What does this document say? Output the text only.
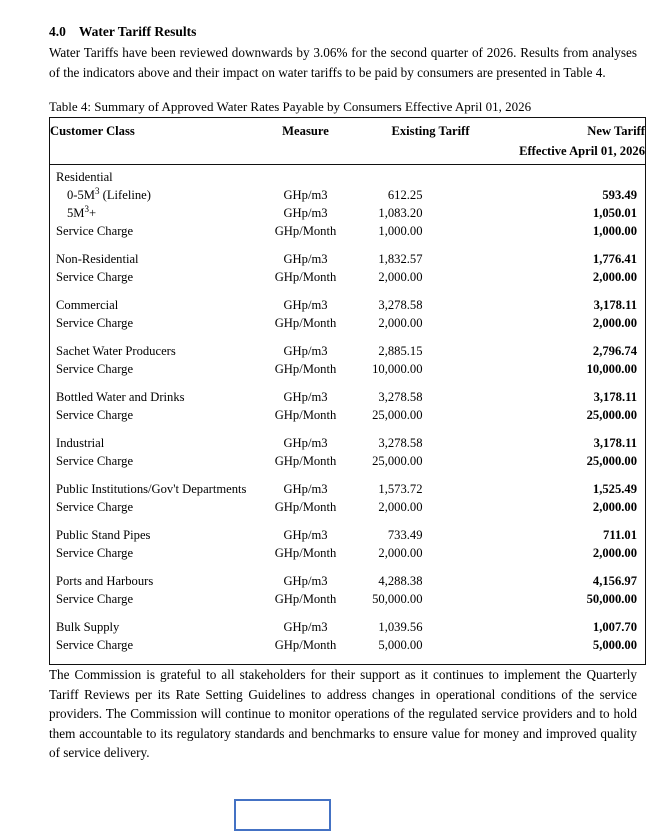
4.0 Water Tariff Results

Water Tariffs have been reviewed downwards by 3.06% for the second quarter of 2026. Results from analyses of the indicators above and their impact on water tariffs to be paid by consumers are presented in Table 4.

Table 4: Summary of Approved Water Rates Payable by Consumers Effective April 01, 2026
Customer Class	Measure	Existing Tariff	New Tariff
			Effective April 01, 2026
Residential			
$0-5M^3$ (Lifeline)	GHp/m3	612.25	593.49
$5M^3+$	GHp/m3	1,083.20	1,050.01
Service Charge	GHp/Month	1,000.00	1,000.00

Non-Residential	GHp/m3	1,832.57	1,776.41
Service Charge	GHp/Month	2,000.00	2,000.00

Commercial	GHp/m3	3,278.58	3,178.11
Service Charge	GHp/Month	2,000.00	2,000.00

Sachet Water Producers	GHp/m3	2,885.15	2,796.74
Service Charge	GHp/Month	10,000.00	10,000.00

Bottled Water and Drinks	GHp/m3	3,278.58	3,178.11
Service Charge	GHp/Month	25,000.00	25,000.00

Industrial	GHp/m3	3,278.58	3,178.11
Service Charge	GHp/Month	25,000.00	25,000.00

Public Institutions/Gov't Departments	GHp/m3	1,573.72	1,525.49
Service Charge	GHp/Month	2,000.00	2,000.00

Public Stand Pipes	GHp/m3	733.49	711.01
Service Charge	GHp/Month	2,000.00	2,000.00

Ports and Harbours	GHp/m3	4,288.38	4,156.97
Service Charge	GHp/Month	50,000.00	50,000.00

Bulk Supply	GHp/m3	1,039.56	1,007.70
Service Charge	GHp/Month	5,000.00	5,000.00

The Commission is grateful to all stakeholders for their support as it continues to implement the Quarterly Tariff Reviews per its Rate Setting Guidelines to address changes in operational conditions of the service providers. The Commission will continue to monitor operations of the regulated service providers and to hold them accountable to its regulatory standards and benchmarks to ensure value for money and improved quality of service delivery.
